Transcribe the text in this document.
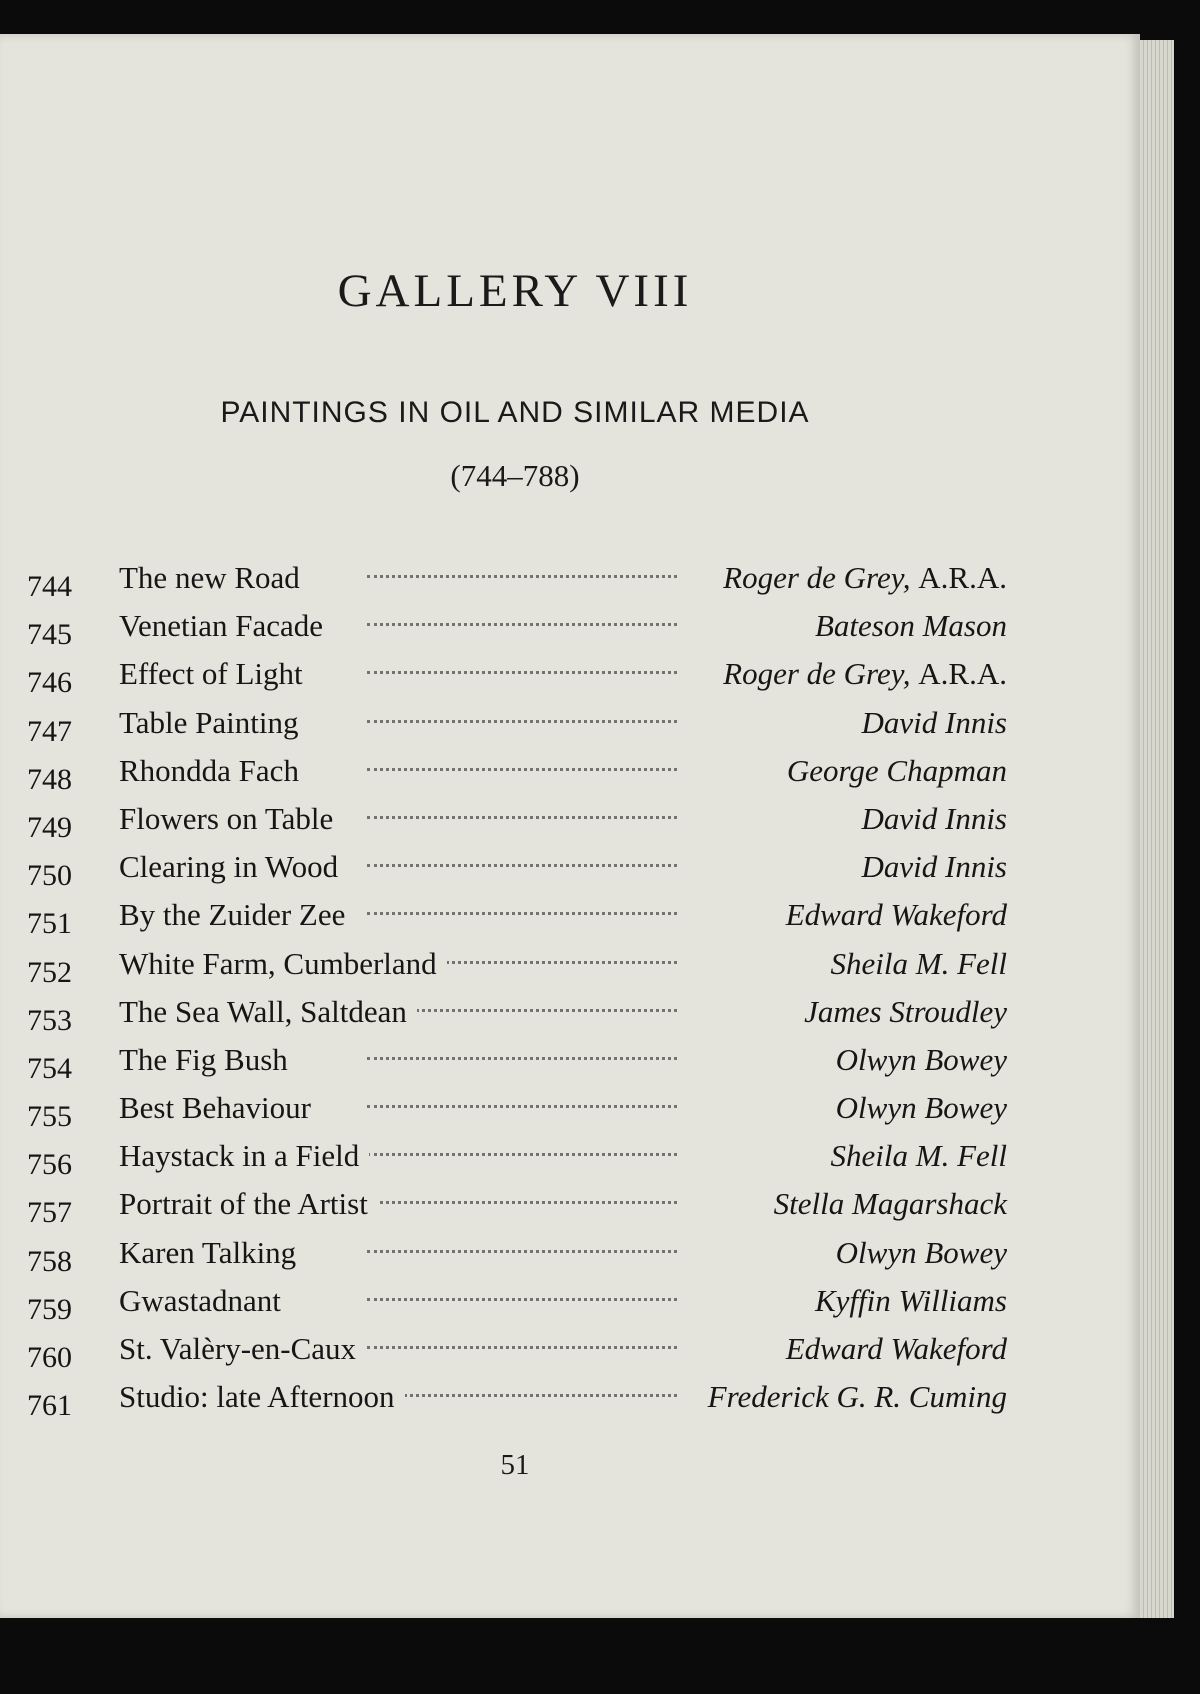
GALLERY VIII
PAINTINGS IN OIL AND SIMILAR MEDIA
(744–788)
744 The new Road	Roger de Grey, A.R.A.
745 Venetian Facade	Bateson Mason
746 Effect of Light	Roger de Grey, A.R.A.
747 Table Painting	David Innis
748 Rhondda Fach	George Chapman
749 Flowers on Table	David Innis
750 Clearing in Wood	David Innis
751 By the Zuider Zee	Edward Wakeford
752 White Farm, Cumberland	Sheila M. Fell
753 The Sea Wall, Saltdean	James Stroudley
754 The Fig Bush	Olwyn Bowey
755 Best Behaviour	Olwyn Bowey
756 Haystack in a Field	Sheila M. Fell
757 Portrait of the Artist	Stella Magarshack
758 Karen Talking	Olwyn Bowey
759 Gwastadnant	Kyffin Williams
760 St. Valèry-en-Caux	Edward Wakeford
761 Studio: late Afternoon	Frederick G. R. Cuming
51
